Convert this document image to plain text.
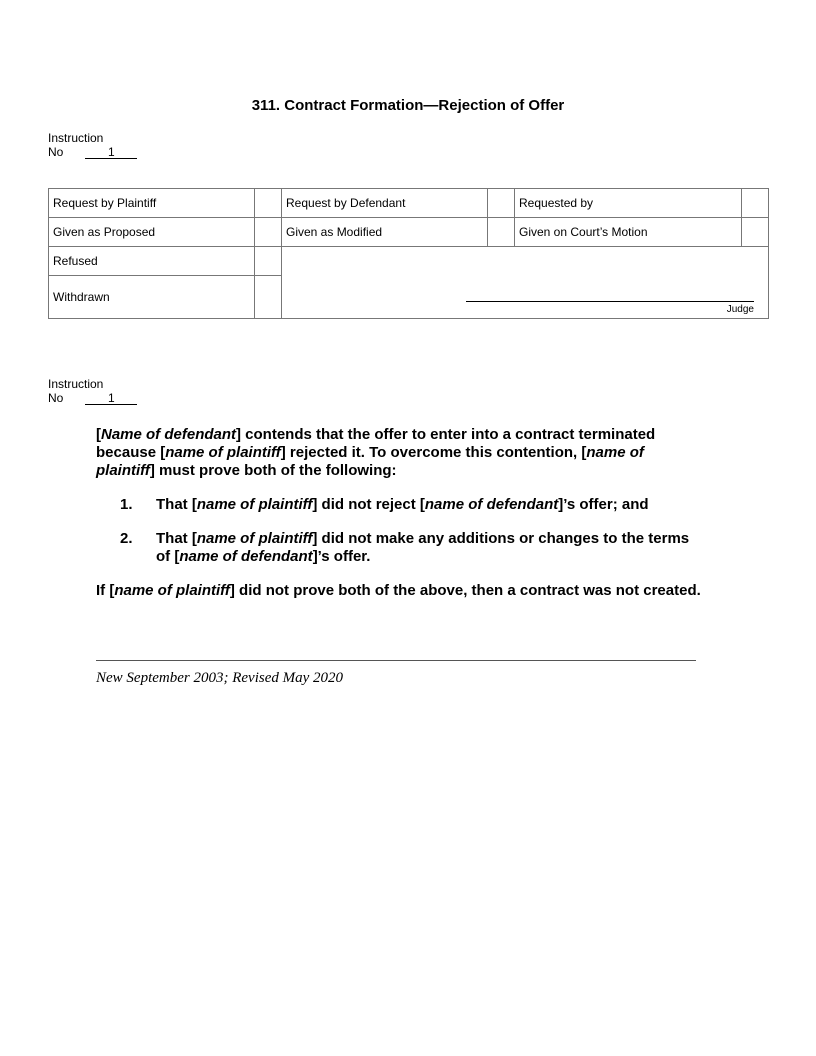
311. Contract Formation—Rejection of Offer
Instruction
No	1
Request by Plaintiff		Request by Defendant		Requested by	
Given as Proposed		Given as Modified		Given on Court’s Motion	
Refused		Judge			

Withdrawn					
Instruction
No	1

[Name of defendant] contends that the offer to enter into a contract terminated because [name of plaintiff] rejected it. To overcome this contention, [name of plaintiff] must prove both of the following:

1.	That [name of plaintiff] did not reject [name of defendant]’s offer; and
2.	That [name of plaintiff] did not make any additions or changes to the terms of [name of defendant]’s offer.

If [name of plaintiff] did not prove both of the above, then a contract was not created.

New September 2003; Revised May 2020
